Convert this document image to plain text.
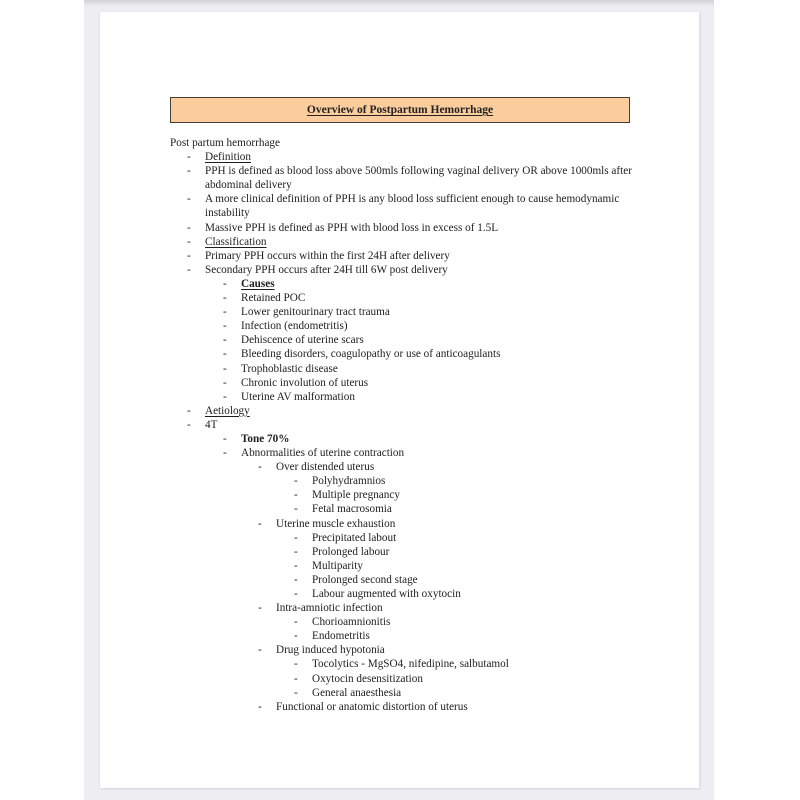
Overview of Postpartum Hemorrhage
Post partum hemorrhage
- Definition
- PPH is defined as blood loss above 500mls following vaginal delivery OR above 1000mls after abdominal delivery
- A more clinical definition of PPH is any blood loss sufficient enough to cause hemodynamic instability
- Massive PPH is defined as PPH with blood loss in excess of 1.5L
- Classification
- Primary PPH occurs within the first 24H after delivery
- Secondary PPH occurs after 24H till 6W post delivery
- Causes
- Retained POC
- Lower genitourinary tract trauma
- Infection (endometritis)
- Dehiscence of uterine scars
- Bleeding disorders, coagulopathy or use of anticoagulants
- Trophoblastic disease
- Chronic involution of uterus
- Uterine AV malformation
- Aetiology
- 4T
- Tone 70%
- Abnormalities of uterine contraction
- Over distended uterus
- Polyhydramnios
- Multiple pregnancy
- Fetal macrosomia
- Uterine muscle exhaustion
- Precipitated labout
- Prolonged labour
- Multiparity
- Prolonged second stage
- Labour augmented with oxytocin
- Intra-amniotic infection
- Chorioamnionitis
- Endometritis
- Drug induced hypotonia
- Tocolytics - MgSO4, nifedipine, salbutamol
- Oxytocin desensitization
- General anaesthesia
- Functional or anatomic distortion of uterus
